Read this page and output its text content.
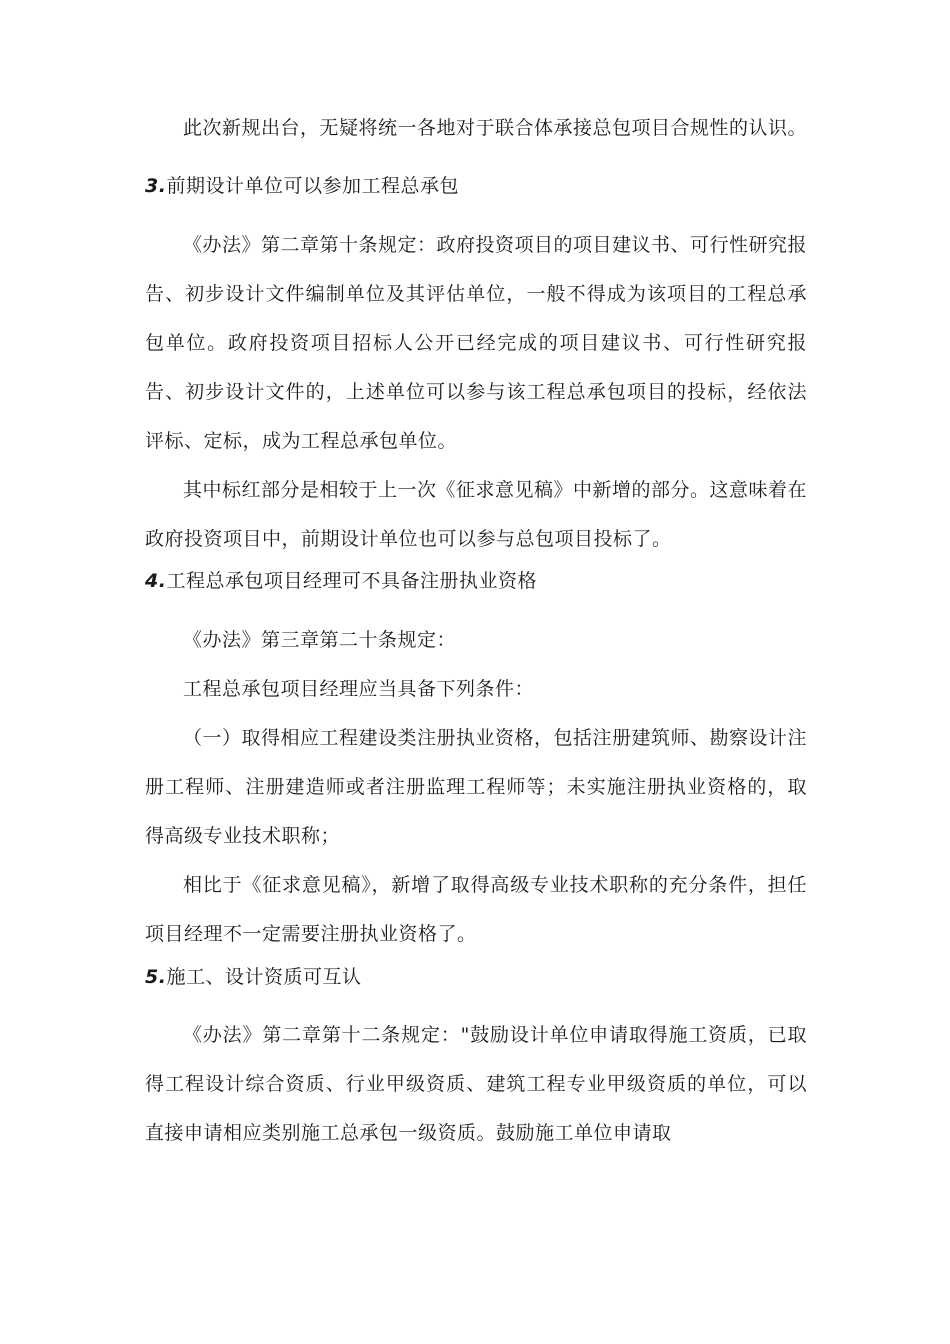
此次新规出台，无疑将统一各地对于联合体承接总包项目合规性的认识。

3.前期设计单位可以参加工程总承包

《办法》第二章第十条规定：政府投资项目的项目建议书、可行性研究报告、初步设计文件编制单位及其评估单位，一般不得成为该项目的工程总承包单位。政府投资项目招标人公开已经完成的项目建议书、可行性研究报告、初步设计文件的，上述单位可以参与该工程总承包项目的投标，经依法评标、定标，成为工程总承包单位。

其中标红部分是相较于上一次《征求意见稿》中新增的部分。这意味着在政府投资项目中，前期设计单位也可以参与总包项目投标了。

4.工程总承包项目经理可不具备注册执业资格

《办法》第三章第二十条规定：

工程总承包项目经理应当具备下列条件：

（一）取得相应工程建设类注册执业资格，包括注册建筑师、勘察设计注册工程师、注册建造师或者注册监理工程师等；未实施注册执业资格的，取得高级专业技术职称；

相比于《征求意见稿》，新增了取得高级专业技术职称的充分条件，担任项目经理不一定需要注册执业资格了。

5.施工、设计资质可互认

《办法》第二章第十二条规定："鼓励设计单位申请取得施工资质，已取得工程设计综合资质、行业甲级资质、建筑工程专业甲级资质的单位，可以直接申请相应类别施工总承包一级资质。鼓励施工单位申请取
